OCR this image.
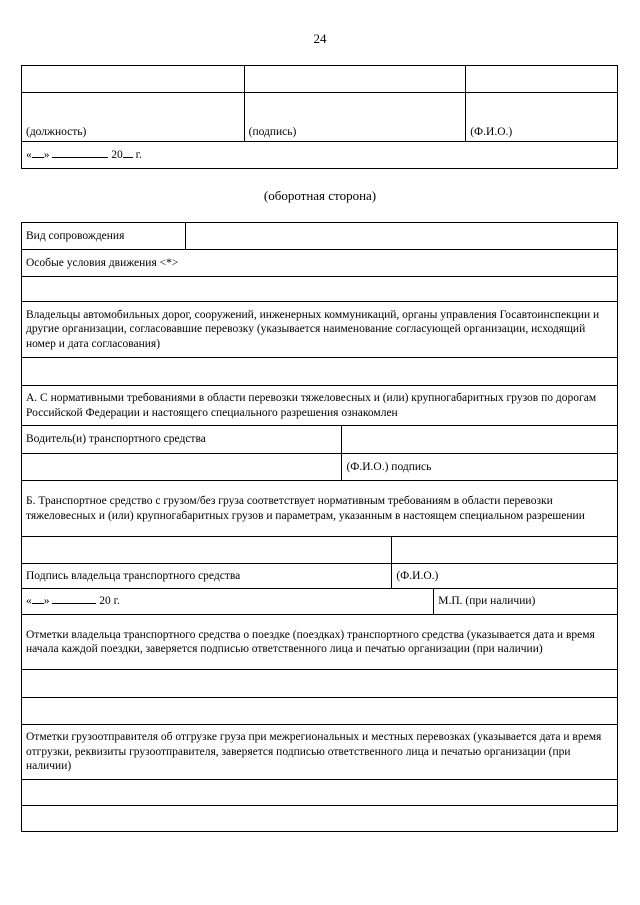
24

(должность)	(подпись)	(Ф.И.О.)
« » 20 г.		
(оборотная сторона)
Вид сопровождения				
Особые условия движения <*>				

Владельцы автомобильных дорог, сооружений, инженерных коммуникаций, органы управления Госавтоинспекции и другие организации, согласовавшие перевозку (указывается наименование согласующей организации, исходящий номер и дата согласования)				

А. С нормативными требованиями в области перевозки тяжеловесных и (или) крупногабаритных грузов по дорогам Российской Федерации и настоящего специального разрешения ознакомлен				
Водитель(и) транспортного средства				
		(Ф.И.О.) подпись		
Б. Транспортное средство с грузом/без груза соответствует нормативным требованиям в области перевозки тяжеловесных и (или) крупногабаритных грузов и параметрам, указанным в настоящем специальном разрешении				

Подпись владельца транспортного средства			(Ф.И.О.)	
« » 20 г.				М.П. (при наличии)
Отметки владельца транспортного средства о поездке (поездках) транспортного средства (указывается дата и время начала каждой поездки, заверяется подписью ответственного лица и печатью организации (при наличии)				

Отметки грузоотправителя об отгрузке груза при межрегиональных и местных перевозках (указывается дата и время отгрузки, реквизиты грузоотправителя, заверяется подписью ответственного лица и печатью организации (при наличии)				
